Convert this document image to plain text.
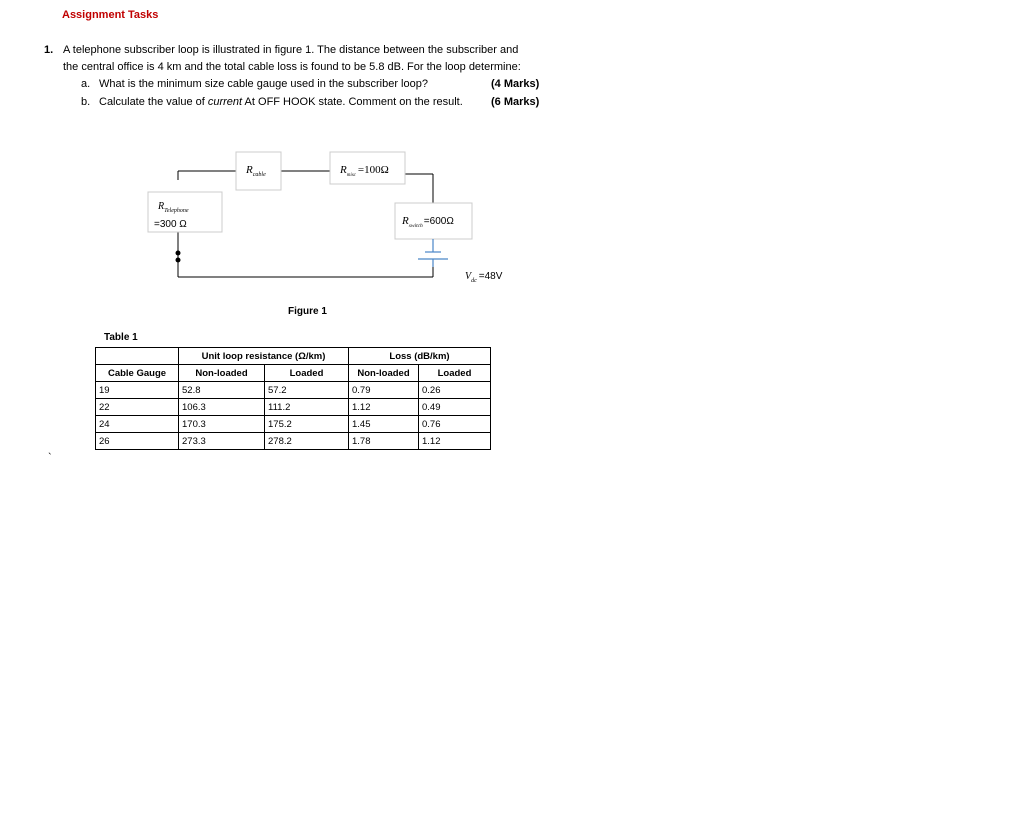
Assignment Tasks
1. A telephone subscriber loop is illustrated in figure 1. The distance between the subscriber and
the central office is 4 km and the total cable loss is found to be 5.8 dB. For the loop determine:
a. What is the minimum size cable gauge used in the subscriber loop?	(4 Marks)
b. Calculate the value of current At OFF HOOK state. Comment on the result.	(6 Marks)
$R_{cable}$	$R_{misc} =100\Omega$
$R_{Telephone}$
=300 Ω	$R_{switch}=600\Omega$
$V_{dc} =48V$
Figure 1
Table 1
	Unit loop resistance (Ω/km)		Loss (dB/km)	
Cable Gauge	Non-loaded	Loaded	Non-loaded	Loaded
19	52.8	57.2	0.79	0.26
22	106.3	111.2	1.12	0.49
24	170.3	175.2	1.45	0.76
26	273.3	278.2	1.78	1.12
`
